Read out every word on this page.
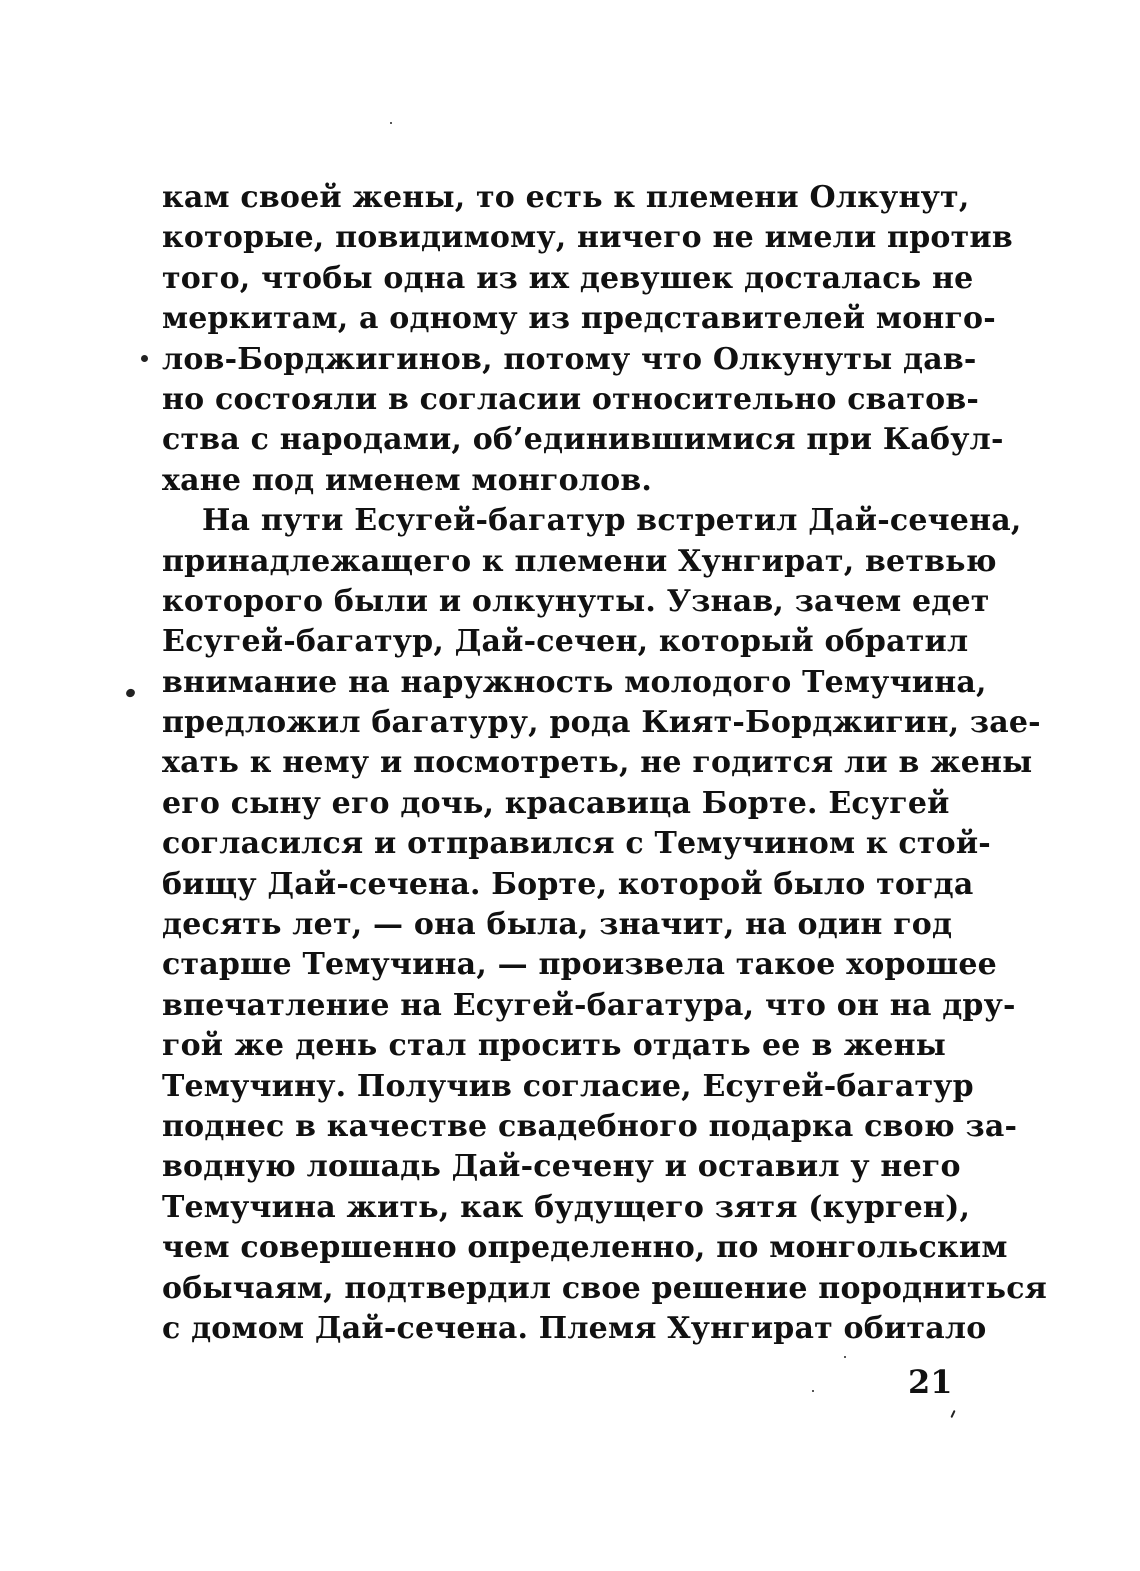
кам своей жены, то есть к племени Олкунут,
которые, повидимому, ничего не имели против
того, чтобы одна из их девушек досталась не
меркитам, а одному из представителей монго-
лов-Борджигинов, потому что Олкунуты дав-
но состояли в согласии относительно сватов-
ства с народами, об’единившимися при Кабул-
хане под именем монголов.
На пути Есугей-багатур встретил Дай-сечена,
принадлежащего к племени Хунгират, ветвью
которого были и олкунуты. Узнав, зачем едет
Есугей-багатур, Дай-сечен, который обратил
внимание на наружность молодого Темучина,
предложил багатуру, рода Кият-Борджигин, зае-
хать к нему и посмотреть, не годится ли в жены
его сыну его дочь, красавица Борте. Есугей
согласился и отправился с Темучином к стой-
бищу Дай-сечена. Борте, которой было тогда
десять лет, — она была, значит, на один год
старше Темучина, — произвела такое хорошее
впечатление на Есугей-багатура, что он на дру-
гой же день стал просить отдать ее в жены
Темучину. Получив согласие, Есугей-багатур
поднес в качестве свадебного подарка свою за-
водную лошадь Дай-сечену и оставил у него
Темучина жить, как будущего зятя (курген),
чем совершенно определенно, по монгольским
обычаям, подтвердил свое решение породниться
с домом Дай-сечена. Племя Хунгират обитало
21
